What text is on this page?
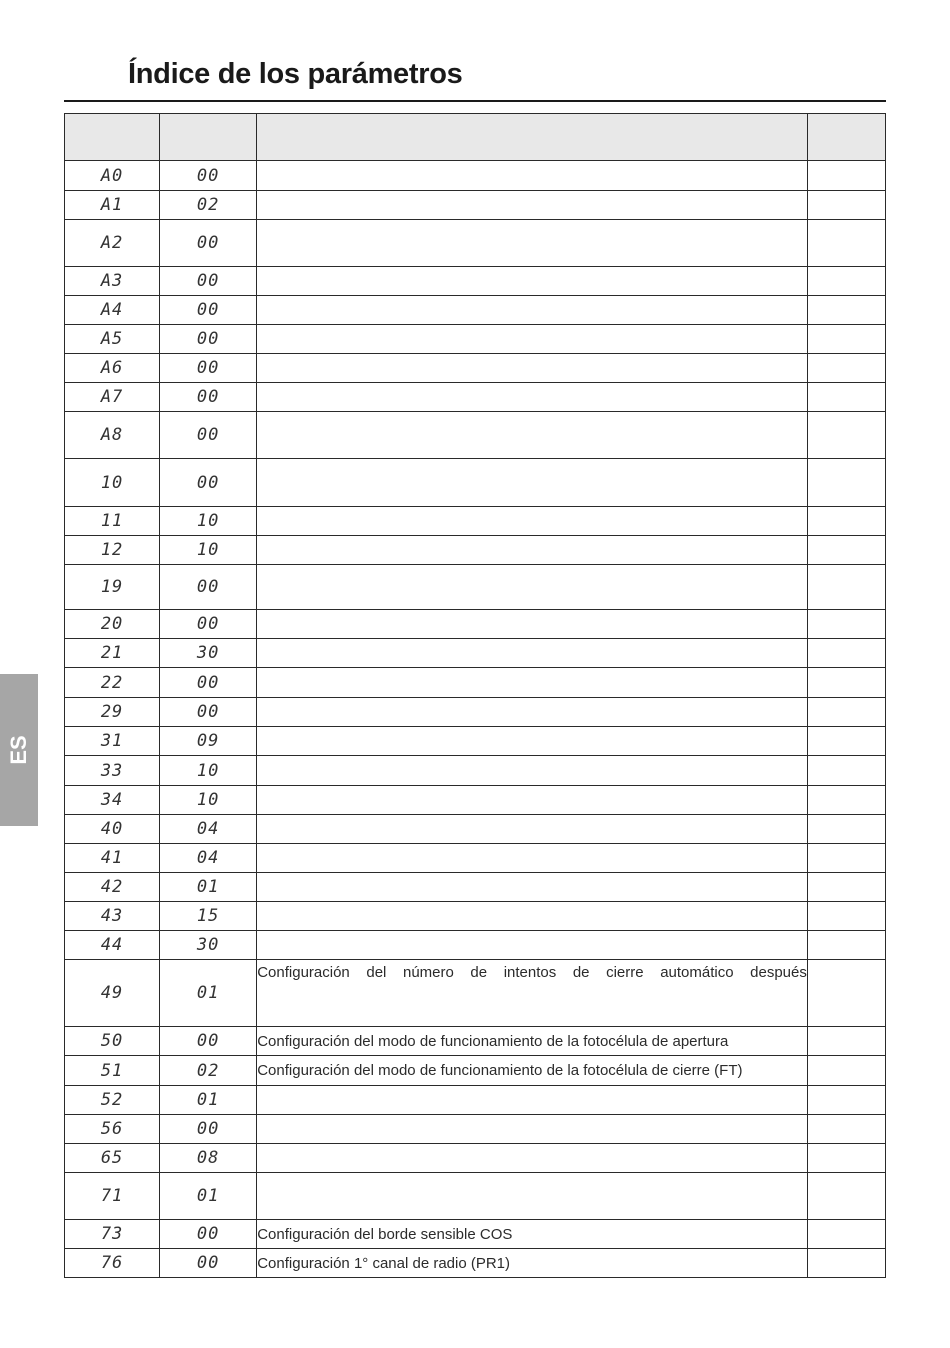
Índice de los parámetros
ES

A0	00		
A1	02		
A2	00		
A3	00		
A4	00		
A5	00		
A6	00		
A7	00		
A8	00		
10	00		
11	10		
12	10		
19	00		
20	00		
21	30		
22	00		
29	00		
31	09		
33	10		
34	10		
40	04		
41	04		
42	01		
43	15		
44	30		
49	01	Configuración del número de intentos de cierre automático después	
50	00	Configuración del modo de funcionamiento de la fotocélula de apertura	
51	02	Configuración del modo de funcionamiento de la fotocélula de cierre (FT)	
52	01		
56	00		
65	08		
71	01		
73	00	Configuración del borde sensible COS	
76	00	Configuración 1° canal de radio (PR1)	
